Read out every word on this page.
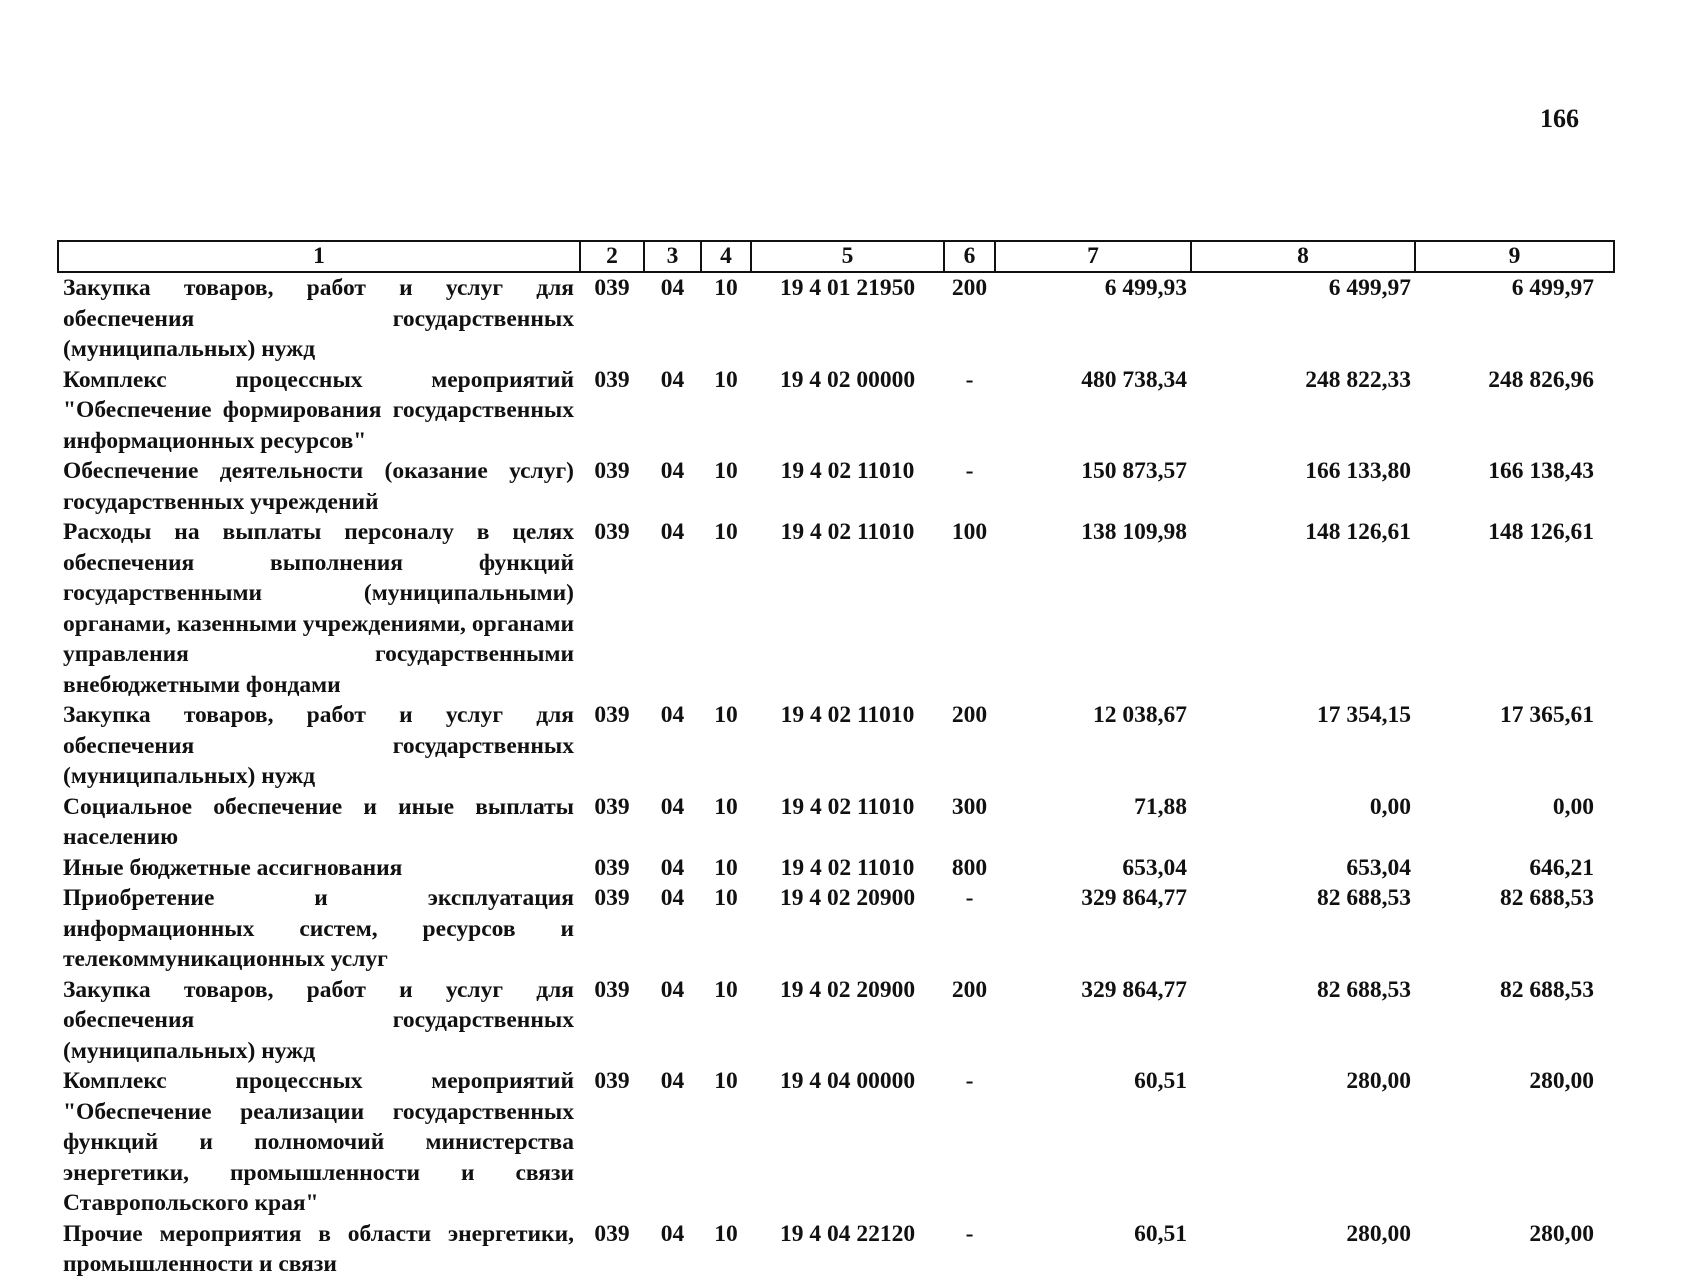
166
1	2	3	4	5	6	7	8	9
Закупка товаров, работ и услуг для обеспечения государственных (муниципальных) нужд	039	04	10	19 4 01 21950	200	6 499,93	6 499,97	6 499,97
Комплекс процессных мероприятий "Обеспечение формирования государственных информационных ресурсов"	039	04	10	19 4 02 00000	-	480 738,34	248 822,33	248 826,96
Обеспечение деятельности (оказание услуг) государственных учреждений	039	04	10	19 4 02 11010	-	150 873,57	166 133,80	166 138,43
Расходы на выплаты персоналу в целях обеспечения выполнения функций государственными (муниципальными) органами, казенными учреждениями, органами управления государственными внебюджетными фондами	039	04	10	19 4 02 11010	100	138 109,98	148 126,61	148 126,61
Закупка товаров, работ и услуг для обеспечения государственных (муниципальных) нужд	039	04	10	19 4 02 11010	200	12 038,67	17 354,15	17 365,61
Социальное обеспечение и иные выплаты населению	039	04	10	19 4 02 11010	300	71,88	0,00	0,00
Иные бюджетные ассигнования	039	04	10	19 4 02 11010	800	653,04	653,04	646,21
Приобретение и эксплуатация информационных систем, ресурсов и телекоммуникационных услуг	039	04	10	19 4 02 20900	-	329 864,77	82 688,53	82 688,53
Закупка товаров, работ и услуг для обеспечения государственных (муниципальных) нужд	039	04	10	19 4 02 20900	200	329 864,77	82 688,53	82 688,53
Комплекс процессных мероприятий "Обеспечение реализации государственных функций и полномочий министерства энергетики, промышленности и связи Ставропольского края"	039	04	10	19 4 04 00000	-	60,51	280,00	280,00
Прочие мероприятия в области энергетики, промышленности и связи	039	04	10	19 4 04 22120	-	60,51	280,00	280,00
